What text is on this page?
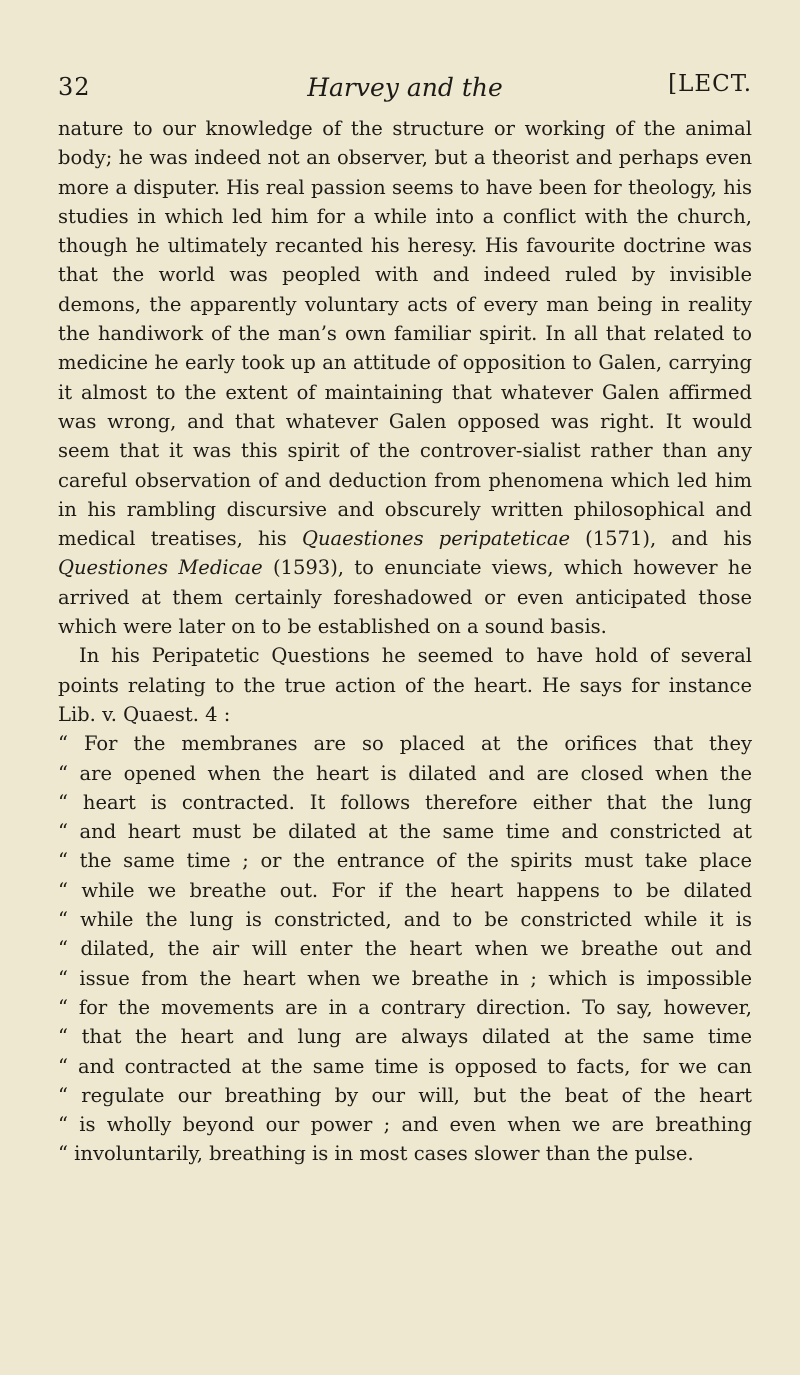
32	Harvey and the	[LECT.

nature to our knowledge of the structure or working of the animal body; he was indeed not an observer, but a theorist and perhaps even more a disputer. His real passion seems to have been for theology, his studies in which led him for a while into a conflict with the church, though he ultimately recanted his heresy. His favourite doctrine was that the world was peopled with and indeed ruled by invisible demons, the apparently voluntary acts of every man being in reality the handiwork of the man’s own familiar spirit. In all that related to medicine he early took up an attitude of opposition to Galen, carrying it almost to the extent of maintaining that whatever Galen affirmed was wrong, and that whatever Galen opposed was right. It would seem that it was this spirit of the controver-sialist rather than any careful observation of and deduction from phenomena which led him in his rambling discursive and obscurely written philosophical and medical treatises, his Quaestiones peripateticae (1571), and his Questiones Medicae (1593), to enunciate views, which however he arrived at them certainly foreshadowed or even anticipated those which were later on to be established on a sound basis.

In his Peripatetic Questions he seemed to have hold of several points relating to the true action of the heart. He says for instance Lib. v. Quaest. 4 :

“ For the membranes are so placed at the orifices that they
“ are opened when the heart is dilated and are closed when the
“ heart is contracted. It follows therefore either that the lung
“ and heart must be dilated at the same time and constricted at
“ the same time ; or the entrance of the spirits must take place
“ while we breathe out. For if the heart happens to be dilated
“ while the lung is constricted, and to be constricted while it is
“ dilated, the air will enter the heart when we breathe out and
“ issue from the heart when we breathe in ; which is impossible
“ for the movements are in a contrary direction. To say, however,
“ that the heart and lung are always dilated at the same time
“ and contracted at the same time is opposed to facts, for we can
“ regulate our breathing by our will, but the beat of the heart
“ is wholly beyond our power ; and even when we are breathing
“ involuntarily, breathing is in most cases slower than the pulse.
